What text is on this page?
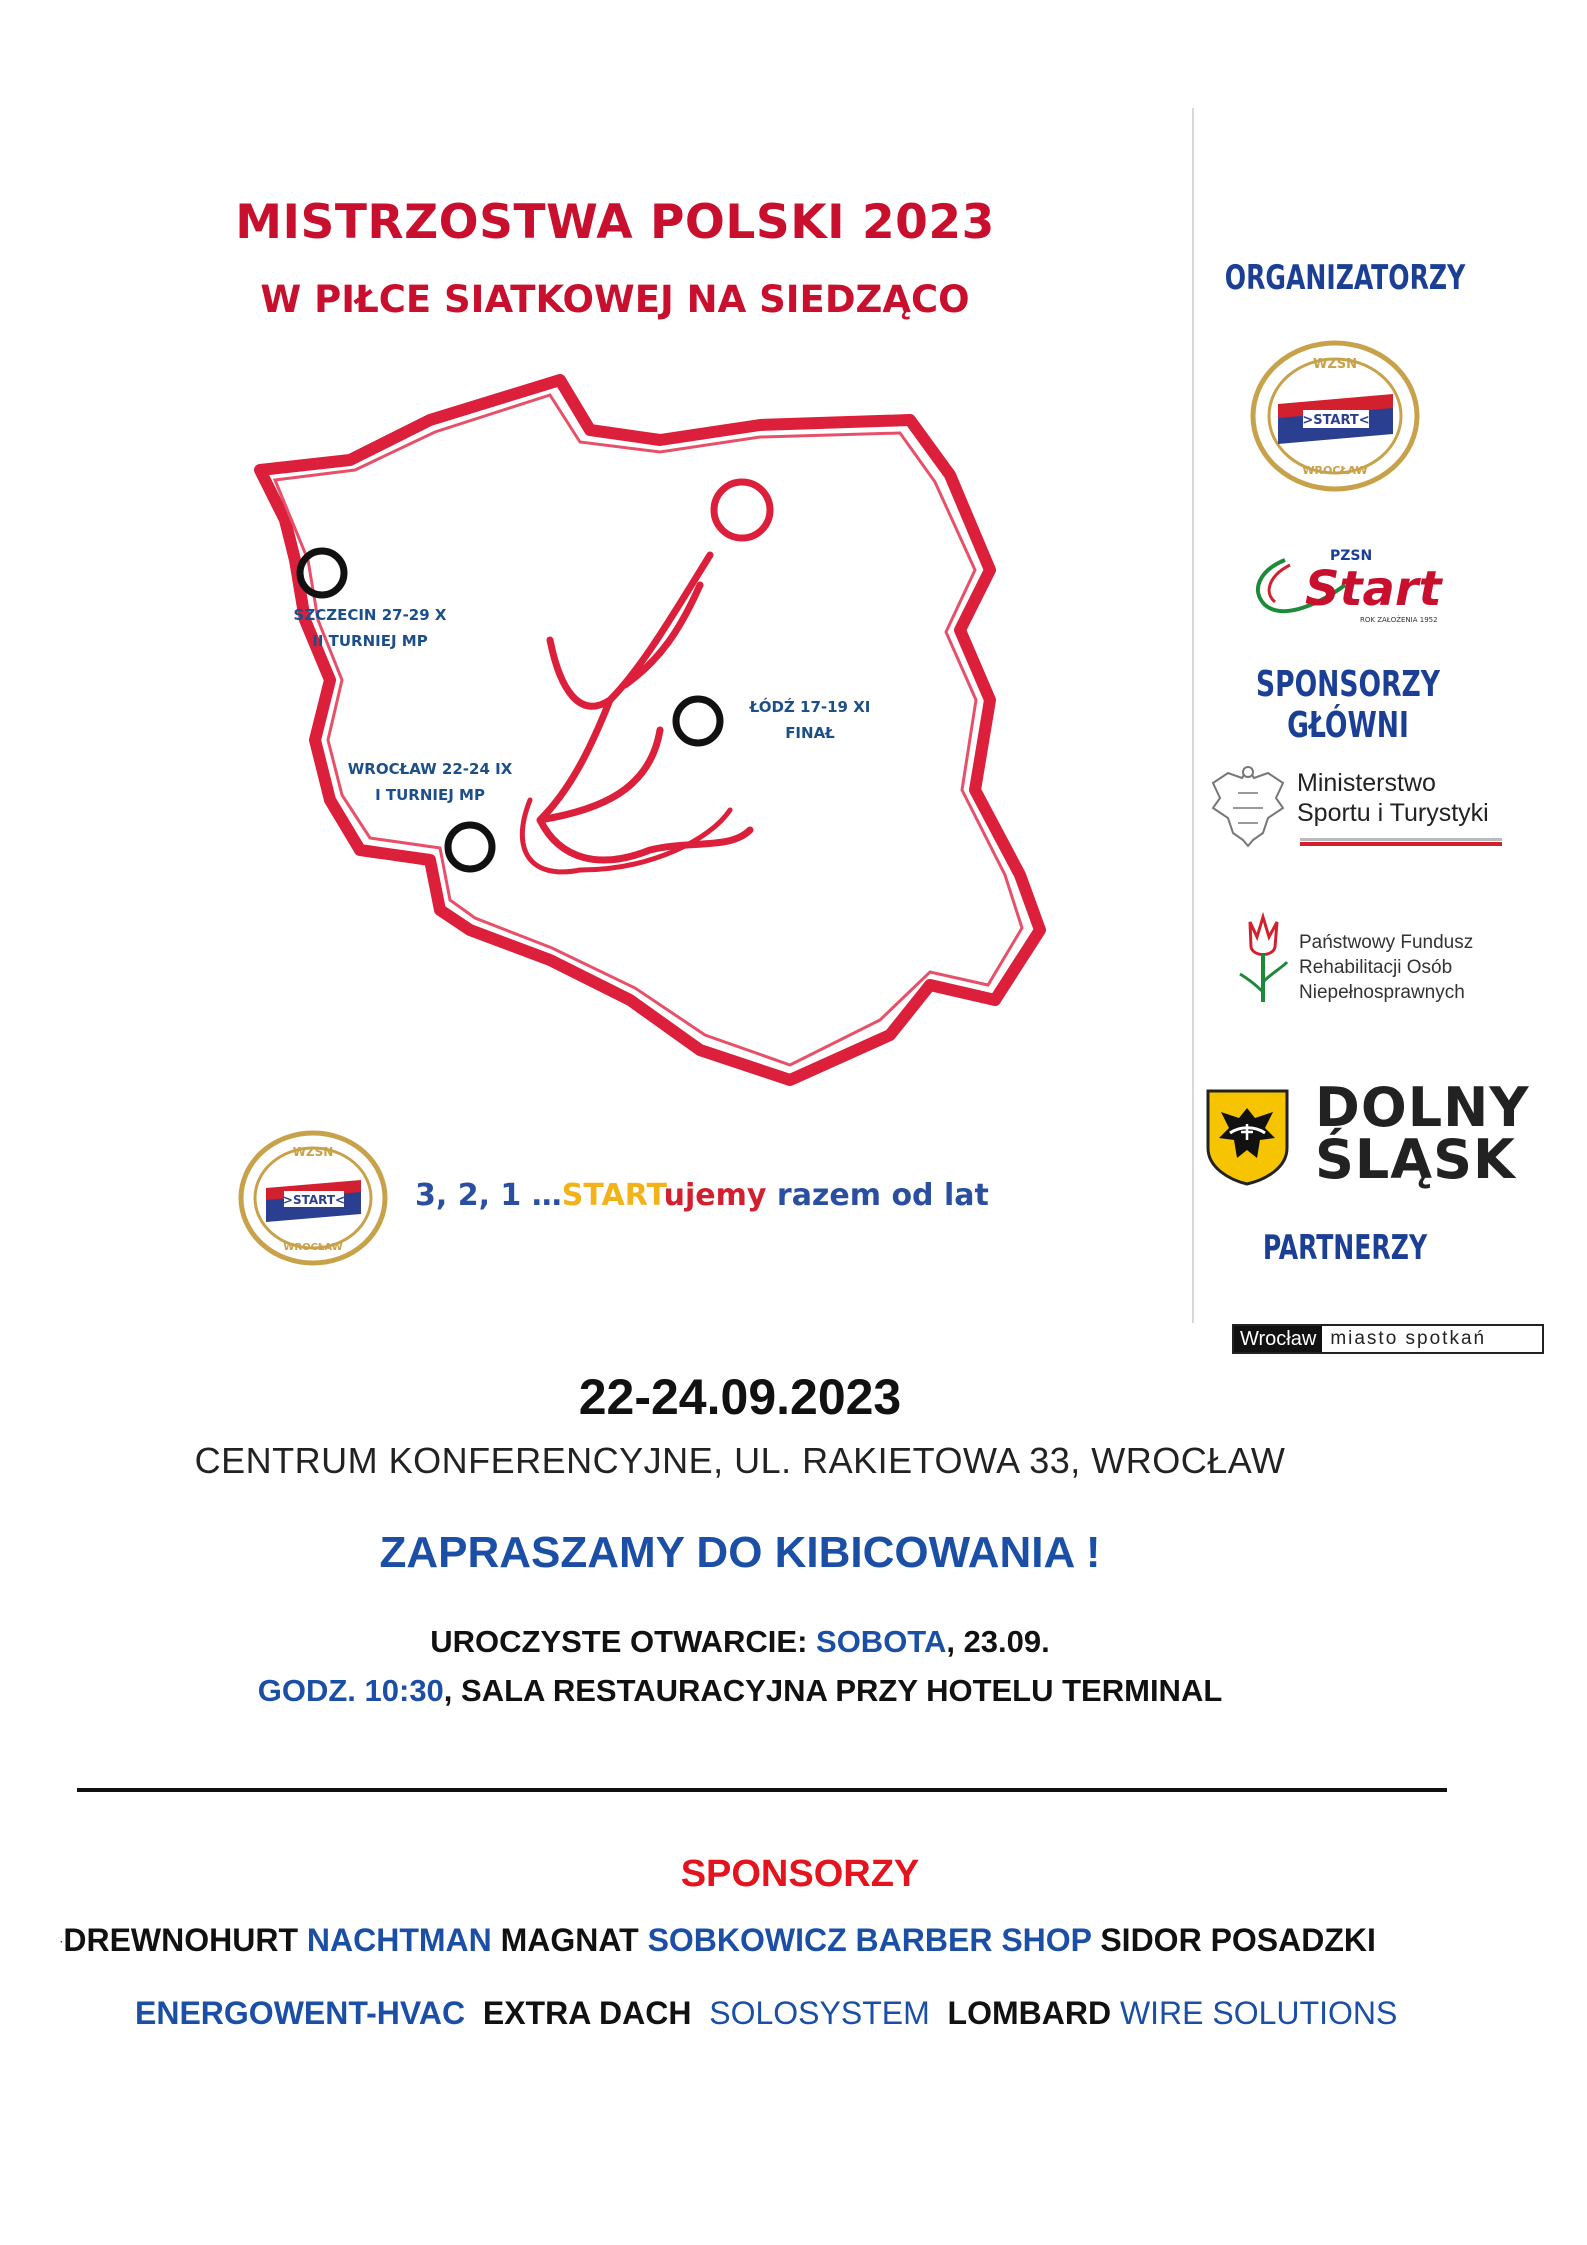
MISTRZOSTWA POLSKI 2023
W PIŁCE SIATKOWEJ NA SIEDZĄCO
SZCZECIN 27-29 X
II TURNIEJ MP
ŁÓDŹ 17-19 XI
FINAŁ
WROCŁAW 22-24 IX
I TURNIEJ MP
>START<
WZSN
WROCŁAW
3, 2, 1 …STARTujemy razem od lat
ORGANIZATORZY
>START<
WZSN
WROCŁAW
PZSN
Start
ROK ZAŁOŻENIA 1952
SPONSORZY GŁÓWNI
Ministerstwo
Sportu i Turystyki
Państwowy Fundusz
Rehabilitacji Osób
Niepełnosprawnych
DOLNY
ŚLĄSK
PARTNERZY
Wrocław miasto spotkań
22-24.09.2023
CENTRUM KONFERENCYJNE, UL. RAKIETOWA 33, WROCŁAW
ZAPRASZAMY DO KIBICOWANIA !
UROCZYSTE OTWARCIE: SOBOTA, 23.09.
GODZ. 10:30, SALA RESTAURACYJNA PRZY HOTELU TERMINAL
SPONSORZY
·DREWNOHURT NACHTMAN MAGNAT SOBKOWICZ BARBER SHOP SIDOR POSADZKI
ENERGOWENT-HVAC EXTRA DACH SOLOSYSTEM LOMBARD WIRE SOLUTIONS
